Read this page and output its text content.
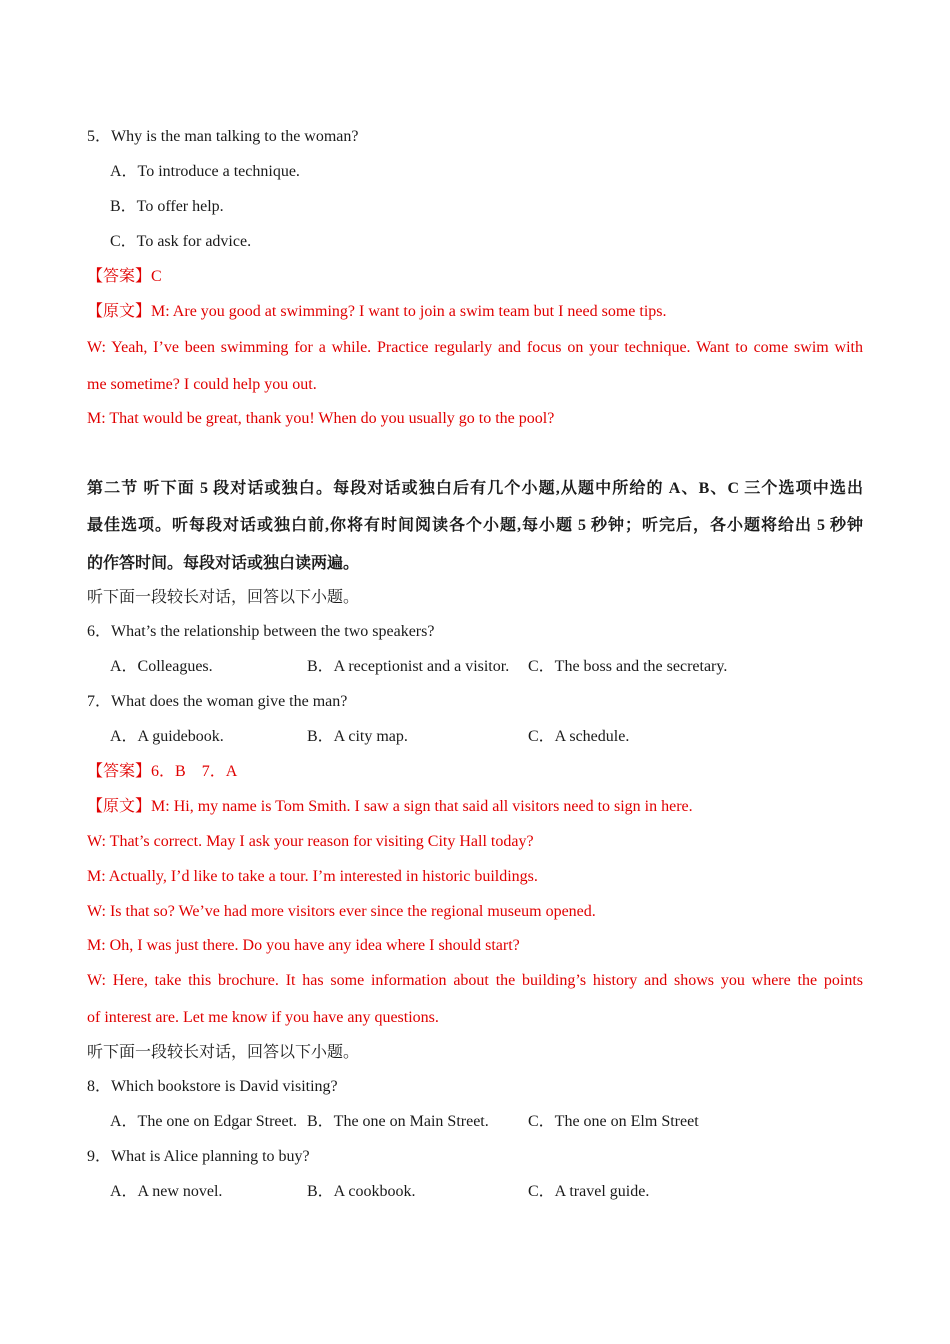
5．Why is the man talking to the woman?
A．To introduce a technique.
B．To offer help.
C．To ask for advice.
【答案】C
【原文】M: Are you good at swimming? I want to join a swim team but I need some tips.
W: Yeah, I’ve been swimming for a while. Practice regularly and focus on your technique. Want to come swim with
me sometime? I could help you out.
M: That would be great, thank you! When do you usually go to the pool?
第二节 听下面 5 段对话或独白。每段对话或独白后有几个小题,从题中所给的 A、B、C 三个选项中选出
最佳选项。听每段对话或独白前,你将有时间阅读各个小题,每小题 5 秒钟；听完后，各小题将给出 5 秒钟
的作答时间。每段对话或独白读两遍。
听下面一段较长对话，回答以下小题。
6．What’s the relationship between the two speakers?
A．Colleagues.	B．A receptionist and a visitor. C．The boss and the secretary.
7．What does the woman give the man?
A．A guidebook.	B．A city map.	C．A schedule.
【答案】6．B　7．A
【原文】M: Hi, my name is Tom Smith. I saw a sign that said all visitors need to sign in here.
W: That’s correct. May I ask your reason for visiting City Hall today?
M: Actually, I’d like to take a tour. I’m interested in historic buildings.
W: Is that so? We’ve had more visitors ever since the regional museum opened.
M: Oh, I was just there. Do you have any idea where I should start?
W: Here, take this brochure. It has some information about the building’s history and shows you where the points
of interest are. Let me know if you have any questions.
听下面一段较长对话，回答以下小题。
8．Which bookstore is David visiting?
A．The one on Edgar Street. B．The one on Main Street. C．The one on Elm Street
9．What is Alice planning to buy?
A．A new novel.	B．A cookbook.	C．A travel guide.
